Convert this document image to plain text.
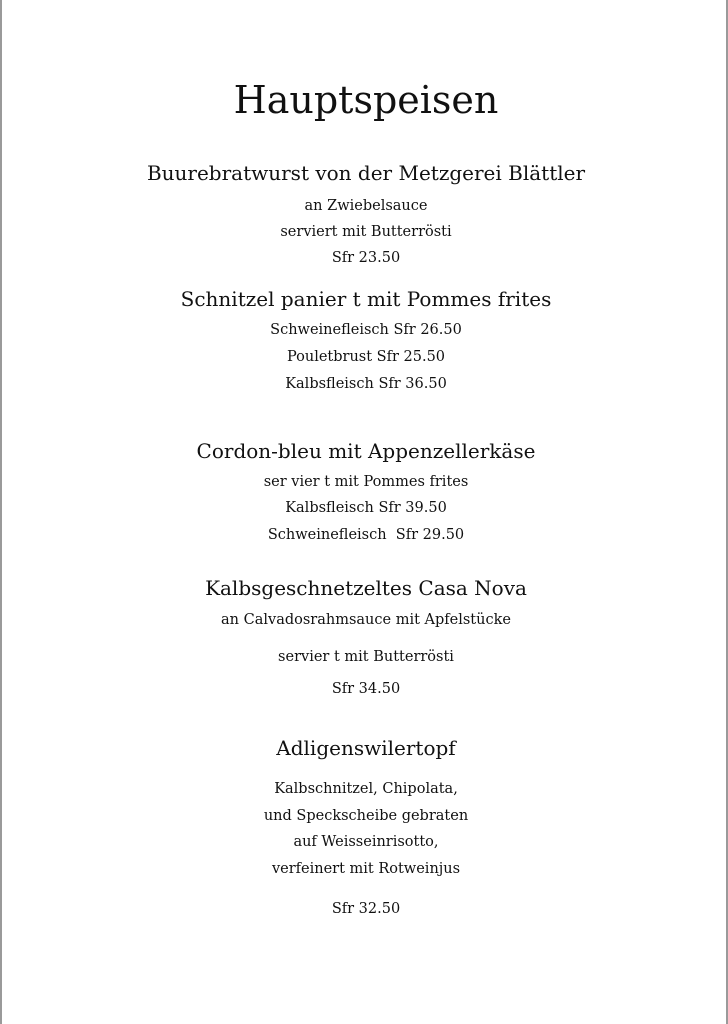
Hauptspeisen
Buurebratwurst von der Metzgerei Blättler
an Zwiebelsauce
serviert mit Butterrösti
Sfr 23.50
Schnitzel panier t mit Pommes frites
Schweinefleisch Sfr 26.50
Pouletbrust Sfr 25.50
Kalbsfleisch Sfr 36.50
Cordon-bleu mit Appenzellerkäse
ser vier t mit Pommes frites
Kalbsfleisch Sfr 39.50
Schweinefleisch  Sfr 29.50
Kalbsgeschnetzeltes Casa Nova
an Calvadosrahmsauce mit Apfelstücke
servier t mit Butterrösti
Sfr 34.50
Adligenswilertopf
Kalbschnitzel, Chipolata,
und Speckscheibe gebraten
auf Weisseinrisotto,
verfeinert mit Rotweinjus
Sfr 32.50
